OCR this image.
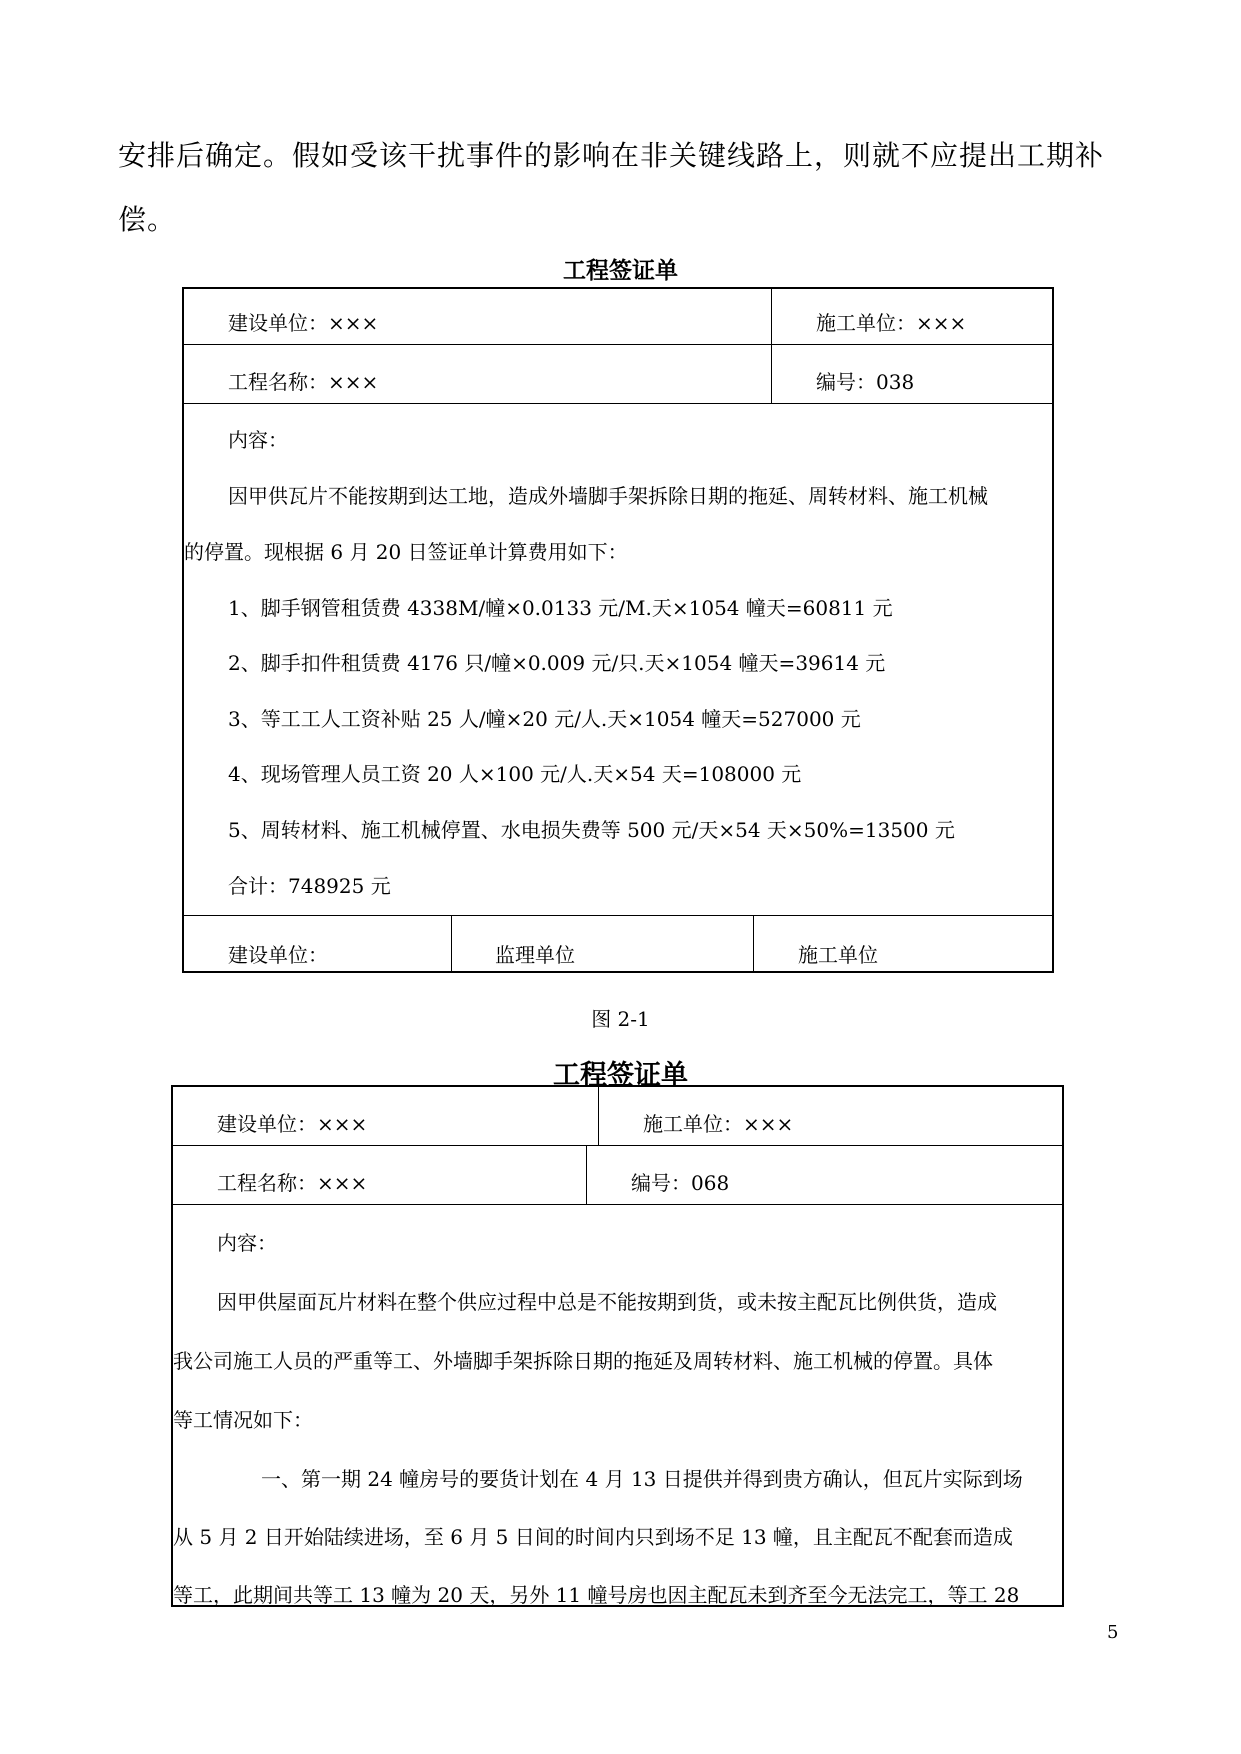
安排后确定。假如受该干扰事件的影响在非关键线路上，则就不应提出工期补

偿。

工程签证单
建设单位：×××	施工单位：×××
工程名称：×××	编号：038

内容：

因甲供瓦片不能按期到达工地，造成外墙脚手架拆除日期的拖延、周转材料、施工机械

的停置。现根据 6 月 20 日签证单计算费用如下：

1、脚手钢管租赁费 4338M/幢×0.0133 元/M.天×1054 幢天=60811 元

2、脚手扣件租赁费 4176 只/幢×0.009 元/只.天×1054 幢天=39614 元

3、等工工人工资补贴 25 人/幢×20 元/人.天×1054 幢天=527000 元

4、现场管理人员工资 20 人×100 元/人.天×54 天=108000 元

5、周转材料、施工机械停置、水电损失费等 500 元/天×54 天×50%=13500 元

合计：748925 元

建设单位：	监理单位	施工单位
图 2-1
工程签证单
建设单位：×××	施工单位：×××
工程名称：×××	编号：068

内容：

因甲供屋面瓦片材料在整个供应过程中总是不能按期到货，或未按主配瓦比例供货，造成

我公司施工人员的严重等工、外墙脚手架拆除日期的拖延及周转材料、施工机械的停置。具体

等工情况如下：

一、第一期 24 幢房号的要货计划在 4 月 13 日提供并得到贵方确认，但瓦片实际到场

从 5 月 2 日开始陆续进场，至 6 月 5 日间的时间内只到场不足 13 幢，且主配瓦不配套而造成

等工，此期间共等工 13 幢为 20 天，另外 11 幢号房也因主配瓦未到齐至今无法完工，等工 28

5
